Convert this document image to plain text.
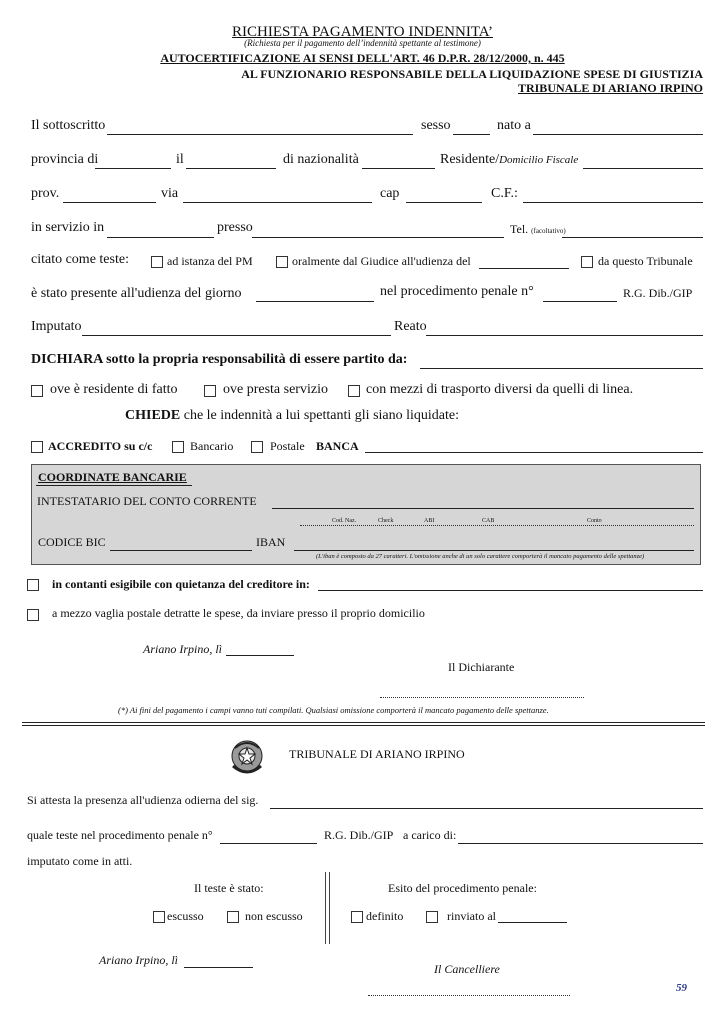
RICHIESTA PAGAMENTO INDENNITA’
(Richiesta per il pagamento dell’indennità spettante al testimone)
AUTOCERTIFICAZIONE AI SENSI DELL'ART. 46 D.P.R. 28/12/2000, n. 445
AL FUNZIONARIO RESPONSABILE DELLA LIQUIDAZIONE SPESE DI GIUSTIZIA
TRIBUNALE DI ARIANO IRPINO
Il sottoscritto	sesso	nato a
provincia di	il	di nazionalità	Residente/Domicilio Fiscale
prov.	via	cap	C.F.:
in servizio in	presso	Tel. (facoltativo)
citato come teste:	ad istanza del PM	oralmente dal Giudice all'udienza del	da questo Tribunale
è stato presente all'udienza del giorno	nel procedimento penale n°	R.G. Dib./GIP
Imputato	Reato
DICHIARA sotto la propria responsabilità di essere partito da:
ove è residente di fatto	ove presta servizio	con mezzi di trasporto diversi da quelli di linea.
CHIEDE che le indennità a lui spettanti gli siano liquidate:
ACCREDITO su c/c	Bancario	Postale BANCA
COORDINATE BANCARIE
INTESTATARIO DEL CONTO CORRENTE
Cod. Naz.	Check	ABI	CAB	Conto
CODICE BIC	IBAN
(L'iban è composto da 27 caratteri. L'omissione anche di un solo carattere comporterà il mancato pagamento delle spettanze)
in contanti esigibile con quietanza del creditore in:
a mezzo vaglia postale detratte le spese, da inviare presso il proprio domicilio
Ariano Irpino, lì
Il Dichiarante
(*) Ai fini del pagamento i campi vanno tuti compilati. Qualsiasi omissione comporterà il mancato pagamento delle spettanze.
TRIBUNALE DI ARIANO IRPINO
Si attesta la presenza all'udienza odierna del sig.
quale teste nel procedimento penale n°	R.G. Dib./GIP a carico di:
imputato come in atti.
Il teste è stato:
escusso	non escusso
Esito del procedimento penale:
definito	rinviato al
Ariano Irpino, lì
Il Cancelliere
59
